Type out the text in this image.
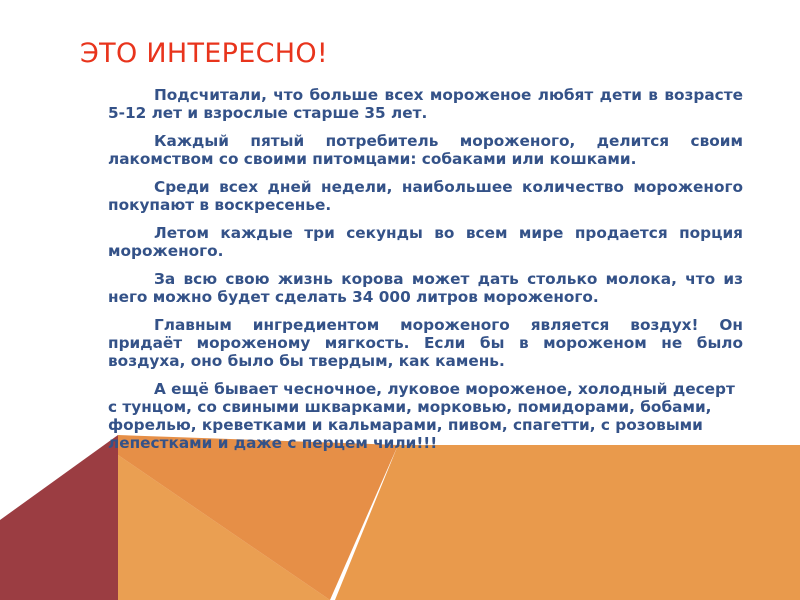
ЭТО ИНТЕРЕСНО!

Подсчитали, что больше всех мороженое любят дети в возрасте 5-12 лет и взрослые старше 35 лет.

Каждый пятый потребитель мороженого, делится своим лакомством со своими питомцами: собаками или кошками.

Среди всех дней недели, наибольшее количество мороженого покупают в воскресенье.

Летом каждые три секунды во всем мире продается порция мороженого.

За всю свою жизнь корова может дать столько молока, что из него можно будет сделать 34 000 литров мороженого.

Главным ингредиентом мороженого является воздух! Он придаёт мороженому мягкость. Если бы в мороженом не было воздуха, оно было бы твердым, как камень.

А ещё бывает чесночное, луковое мороженое, холодный десерт с тунцом, со свиными шкварками, морковью, помидорами, бобами, форелью, креветками и кальмарами, пивом, спагетти, с розовыми лепестками и даже с перцем чили!!!
